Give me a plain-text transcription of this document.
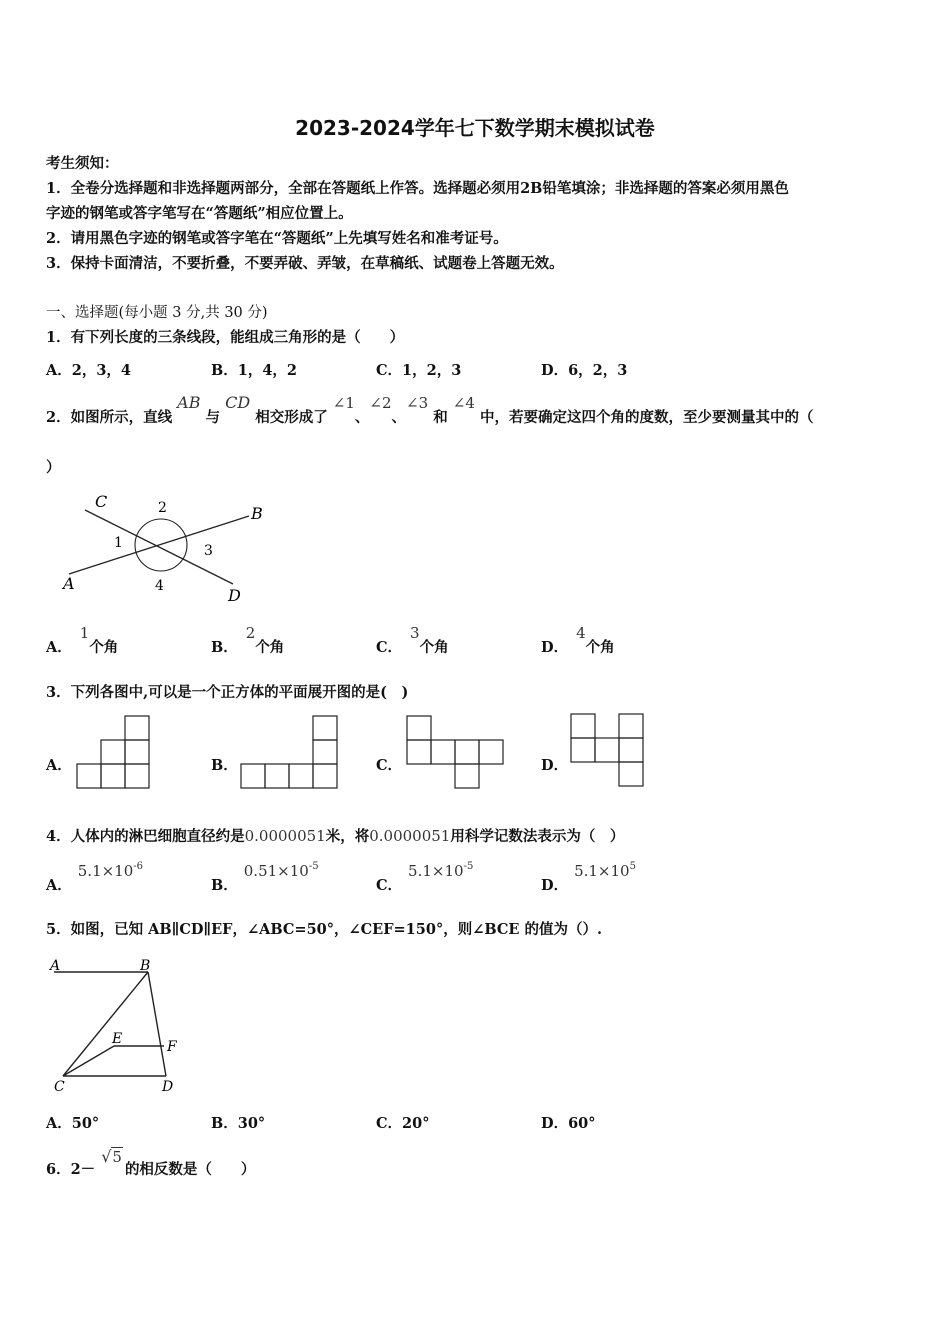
2023-2024学年七下数学期末模拟试卷
考生须知：
1．全卷分选择题和非选择题两部分，全部在答题纸上作答。选择题必须用2B铅笔填涂；非选择题的答案必须用黑色
字迹的钢笔或答字笔写在“答题纸”相应位置上。
2．请用黑色字迹的钢笔或答字笔在“答题纸”上先填写姓名和准考证号。
3．保持卡面清洁，不要折叠，不要弄破、弄皱，在草稿纸、试题卷上答题无效。
一、选择题(每小题 3 分,共 30 分)
1．有下列长度的三条线段，能组成三角形的是（　　）
A．2，3，4	B．1，4，2	C．1，2，3	D．6，2，3
2．如图所示，直线 AB 与 CD 相交形成了 ∠1、∠2、∠3 和 ∠4 中，若要确定这四个角的度数，至少要测量其中的（
）
C
B
A
D
1
2
3
4
A．1个角	B．2个角	C．3个角	D．4个角
3．下列各图中,可以是一个正方体的平面展开图的是(　)
A．	B．	C．	D．
4．人体内的淋巴细胞直径约是0.0000051米，将0.0000051用科学记数法表示为（　）
A．$5.1\times 10^{-6}$
B．$0.51\times 10^{-5}$
C．$5.1\times 10^{-5}$
D．$5.1\times 10^5$
5．如图，已知 AB∥CD∥EF，∠ABC=50°，∠CEF=150°，则∠BCE 的值为（）.
A	B
E	F
C	D
A．50°	B．30°	C．20°	D．60°
6．2－√5的相反数是（　　）
